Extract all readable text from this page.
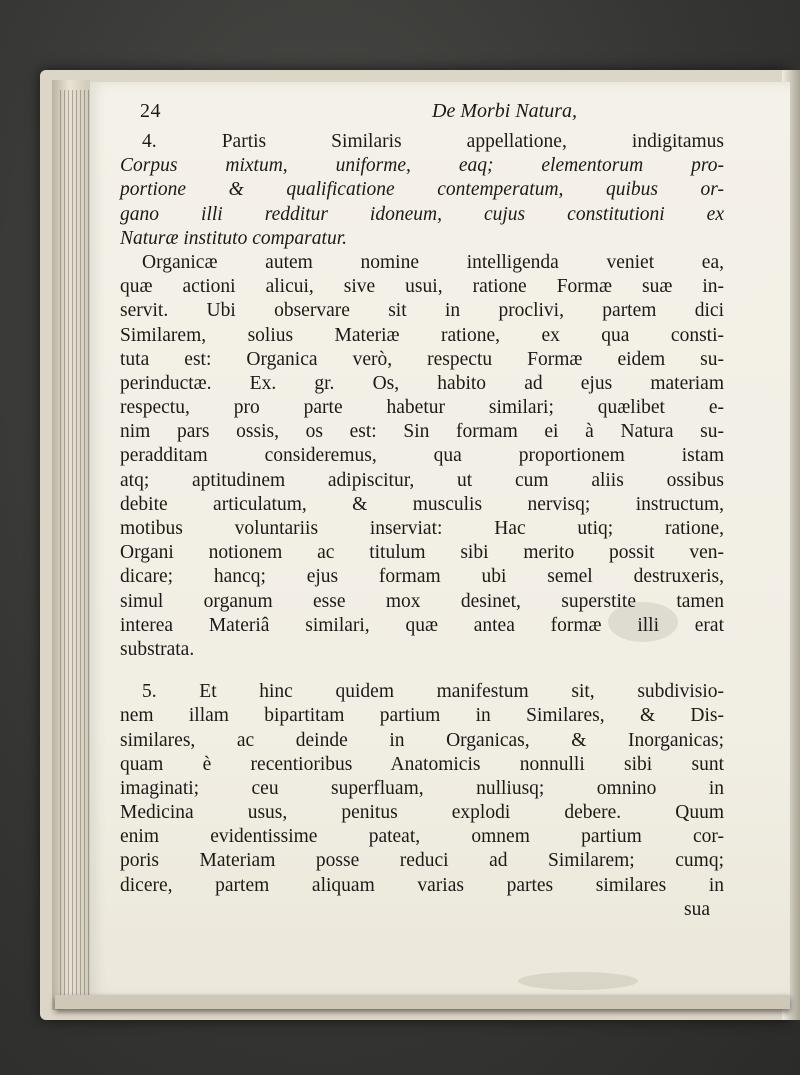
24	De Morbi Natura,
4. Partis Similaris appellatione, indigitamus
Corpus mixtum, uniforme, eaq; elementorum pro-
portione & qualificatione contemperatum, quibus or-
gano illi redditur idoneum, cujus constitutioni ex
Naturæ instituto comparatur.
Organicæ autem nomine intelligenda veniet ea,
quæ actioni alicui, sive usui, ratione Formæ suæ in-
servit. Ubi observare sit in proclivi, partem dici
Similarem, solius Materiæ ratione, ex qua consti-
tuta est: Organica verò, respectu Formæ eidem su-
perinductæ. Ex. gr. Os, habito ad ejus materiam
respectu, pro parte habetur similari; quælibet e-
nim pars ossis, os est: Sin formam ei à Natura su-
peradditam consideremus, qua proportionem istam
atq; aptitudinem adipiscitur, ut cum aliis ossibus
debite articulatum, & musculis nervisq; instructum,
motibus voluntariis inserviat: Hac utiq; ratione,
Organi notionem ac titulum sibi merito possit ven-
dicare; hancq; ejus formam ubi semel destruxeris,
simul organum esse mox desinet, superstite tamen
interea Materiâ similari, quæ antea formæ illi erat
substrata.
5. Et hinc quidem manifestum sit, subdivisio-
nem illam bipartitam partium in Similares, & Dis-
similares, ac deinde in Organicas, & Inorganicas;
quam è recentioribus Anatomicis nonnulli sibi sunt
imaginati; ceu superfluam, nulliusq; omnino in
Medicina usus, penitus explodi debere. Quum
enim evidentissime pateat, omnem partium cor-
poris Materiam posse reduci ad Similarem; cumq;
dicere, partem aliquam varias partes similares in
sua
